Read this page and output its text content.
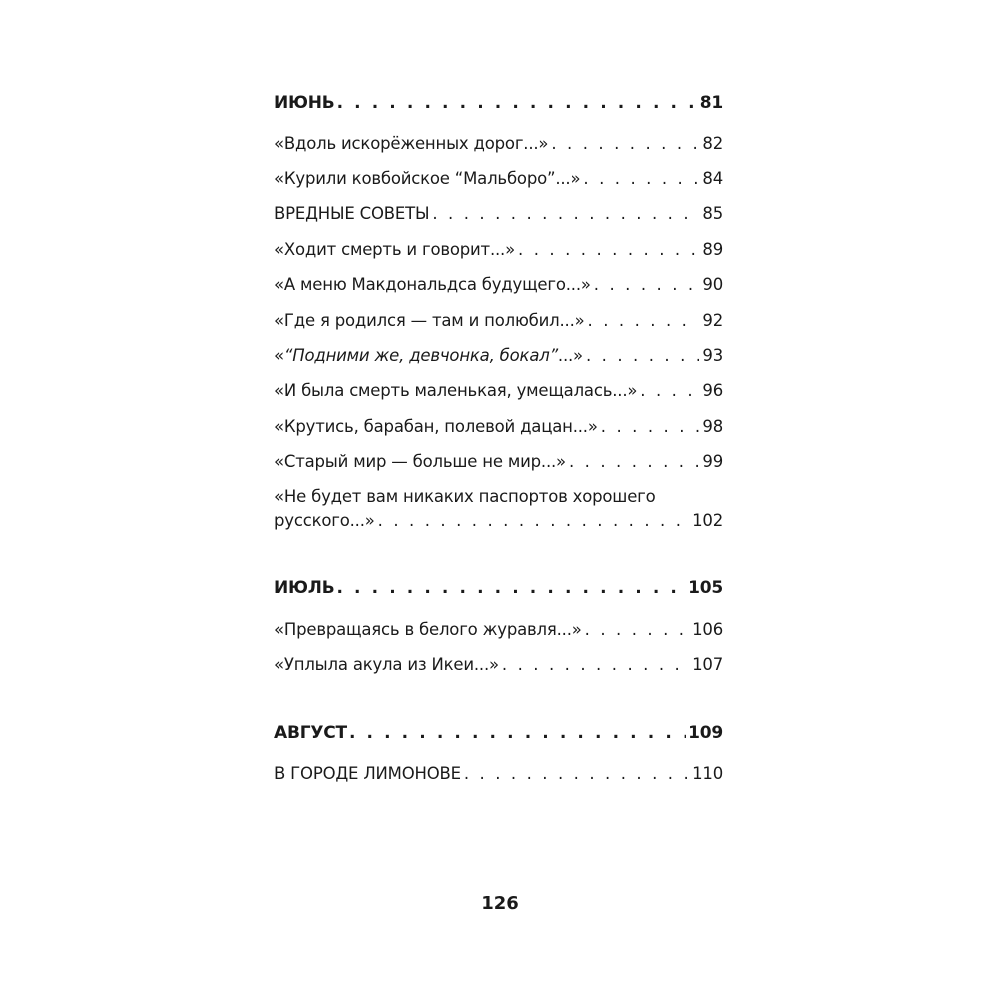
ИЮНЬ . . .	81
«Вдоль искорёженных дорог...» . . .	82
«Курили ковбойское “Мальборо”...» . . .	84
ВРЕДНЫЕ СОВЕТЫ . . .	85
«Ходит смерть и говорит...» . . .	89
«А меню Макдональдса будущего...» . . .	90
«Где я родился — там и полюбил...» . . .	92
«“Подними же, девчонка, бокал”...» . . .	93
«И была смерть маленькая, умещалась...» . . .	96
«Крутись, барабан, полевой дацан...» . . .	98
«Старый мир — больше не мир...» . . .	99
«Не будет вам никаких паспортов хорошего
русского...» . . .	102
ИЮЛЬ . . .	105
«Превращаясь в белого журавля...» . . .	106
«Уплыла акула из Икеи...» . . .	107
АВГУСТ . . .	109
В ГОРОДЕ ЛИМОНОВЕ . . .	110
126
